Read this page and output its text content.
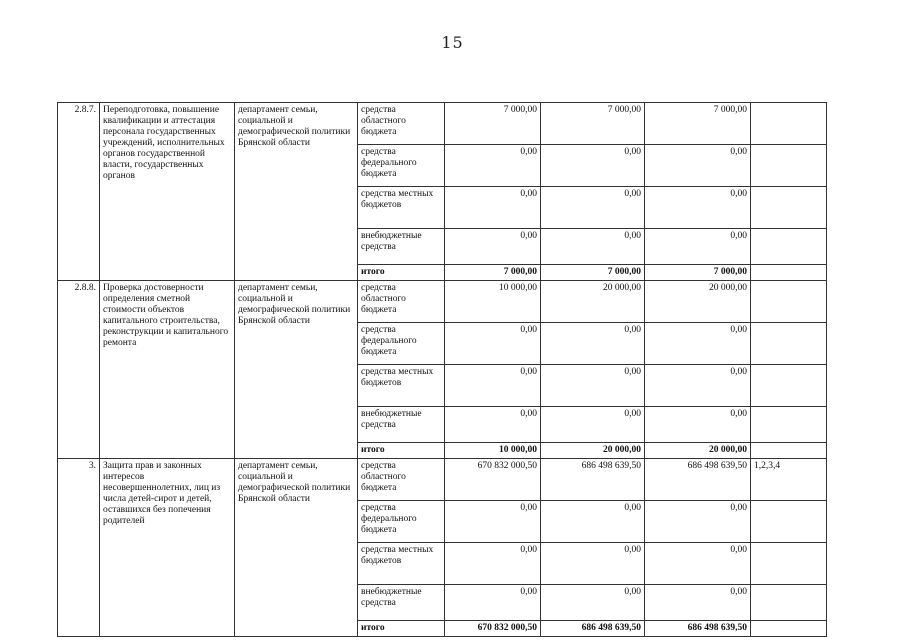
15
2.8.7.	Переподготовка, повышение квалификации и аттестация персонала государственных учреждений, исполнительных органов государственной власти, государственных органов	департамент семьи, социальной и демографической политики Брянской области	средства областного бюджета	7 000,00	7 000,00	7 000,00	
			средства федерального бюджета	0,00	0,00	0,00	
			средства местных бюджетов	0,00	0,00	0,00	
			внебюджетные средства	0,00	0,00	0,00	
			итого	7 000,00	7 000,00	7 000,00	
2.8.8.	Проверка достоверности определения сметной стоимости объектов капитального строительства, реконструкции и капитального ремонта	департамент семьи, социальной и демографической политики Брянской области	средства областного бюджета	10 000,00	20 000,00	20 000,00	
			средства федерального бюджета	0,00	0,00	0,00	
			средства местных бюджетов	0,00	0,00	0,00	
			внебюджетные средства	0,00	0,00	0,00	
			итого	10 000,00	20 000,00	20 000,00	
3.	Защита прав и законных интересов несовершеннолетних, лиц из числа детей-сирот и детей, оставшихся без попечения родителей	департамент семьи, социальной и демографической политики Брянской области	средства областного бюджета	670 832 000,50	686 498 639,50	686 498 639,50	1,2,3,4
			средства федерального бюджета	0,00	0,00	0,00	
			средства местных бюджетов	0,00	0,00	0,00	
			внебюджетные средства	0,00	0,00	0,00	
			итого	670 832 000,50	686 498 639,50	686 498 639,50	
